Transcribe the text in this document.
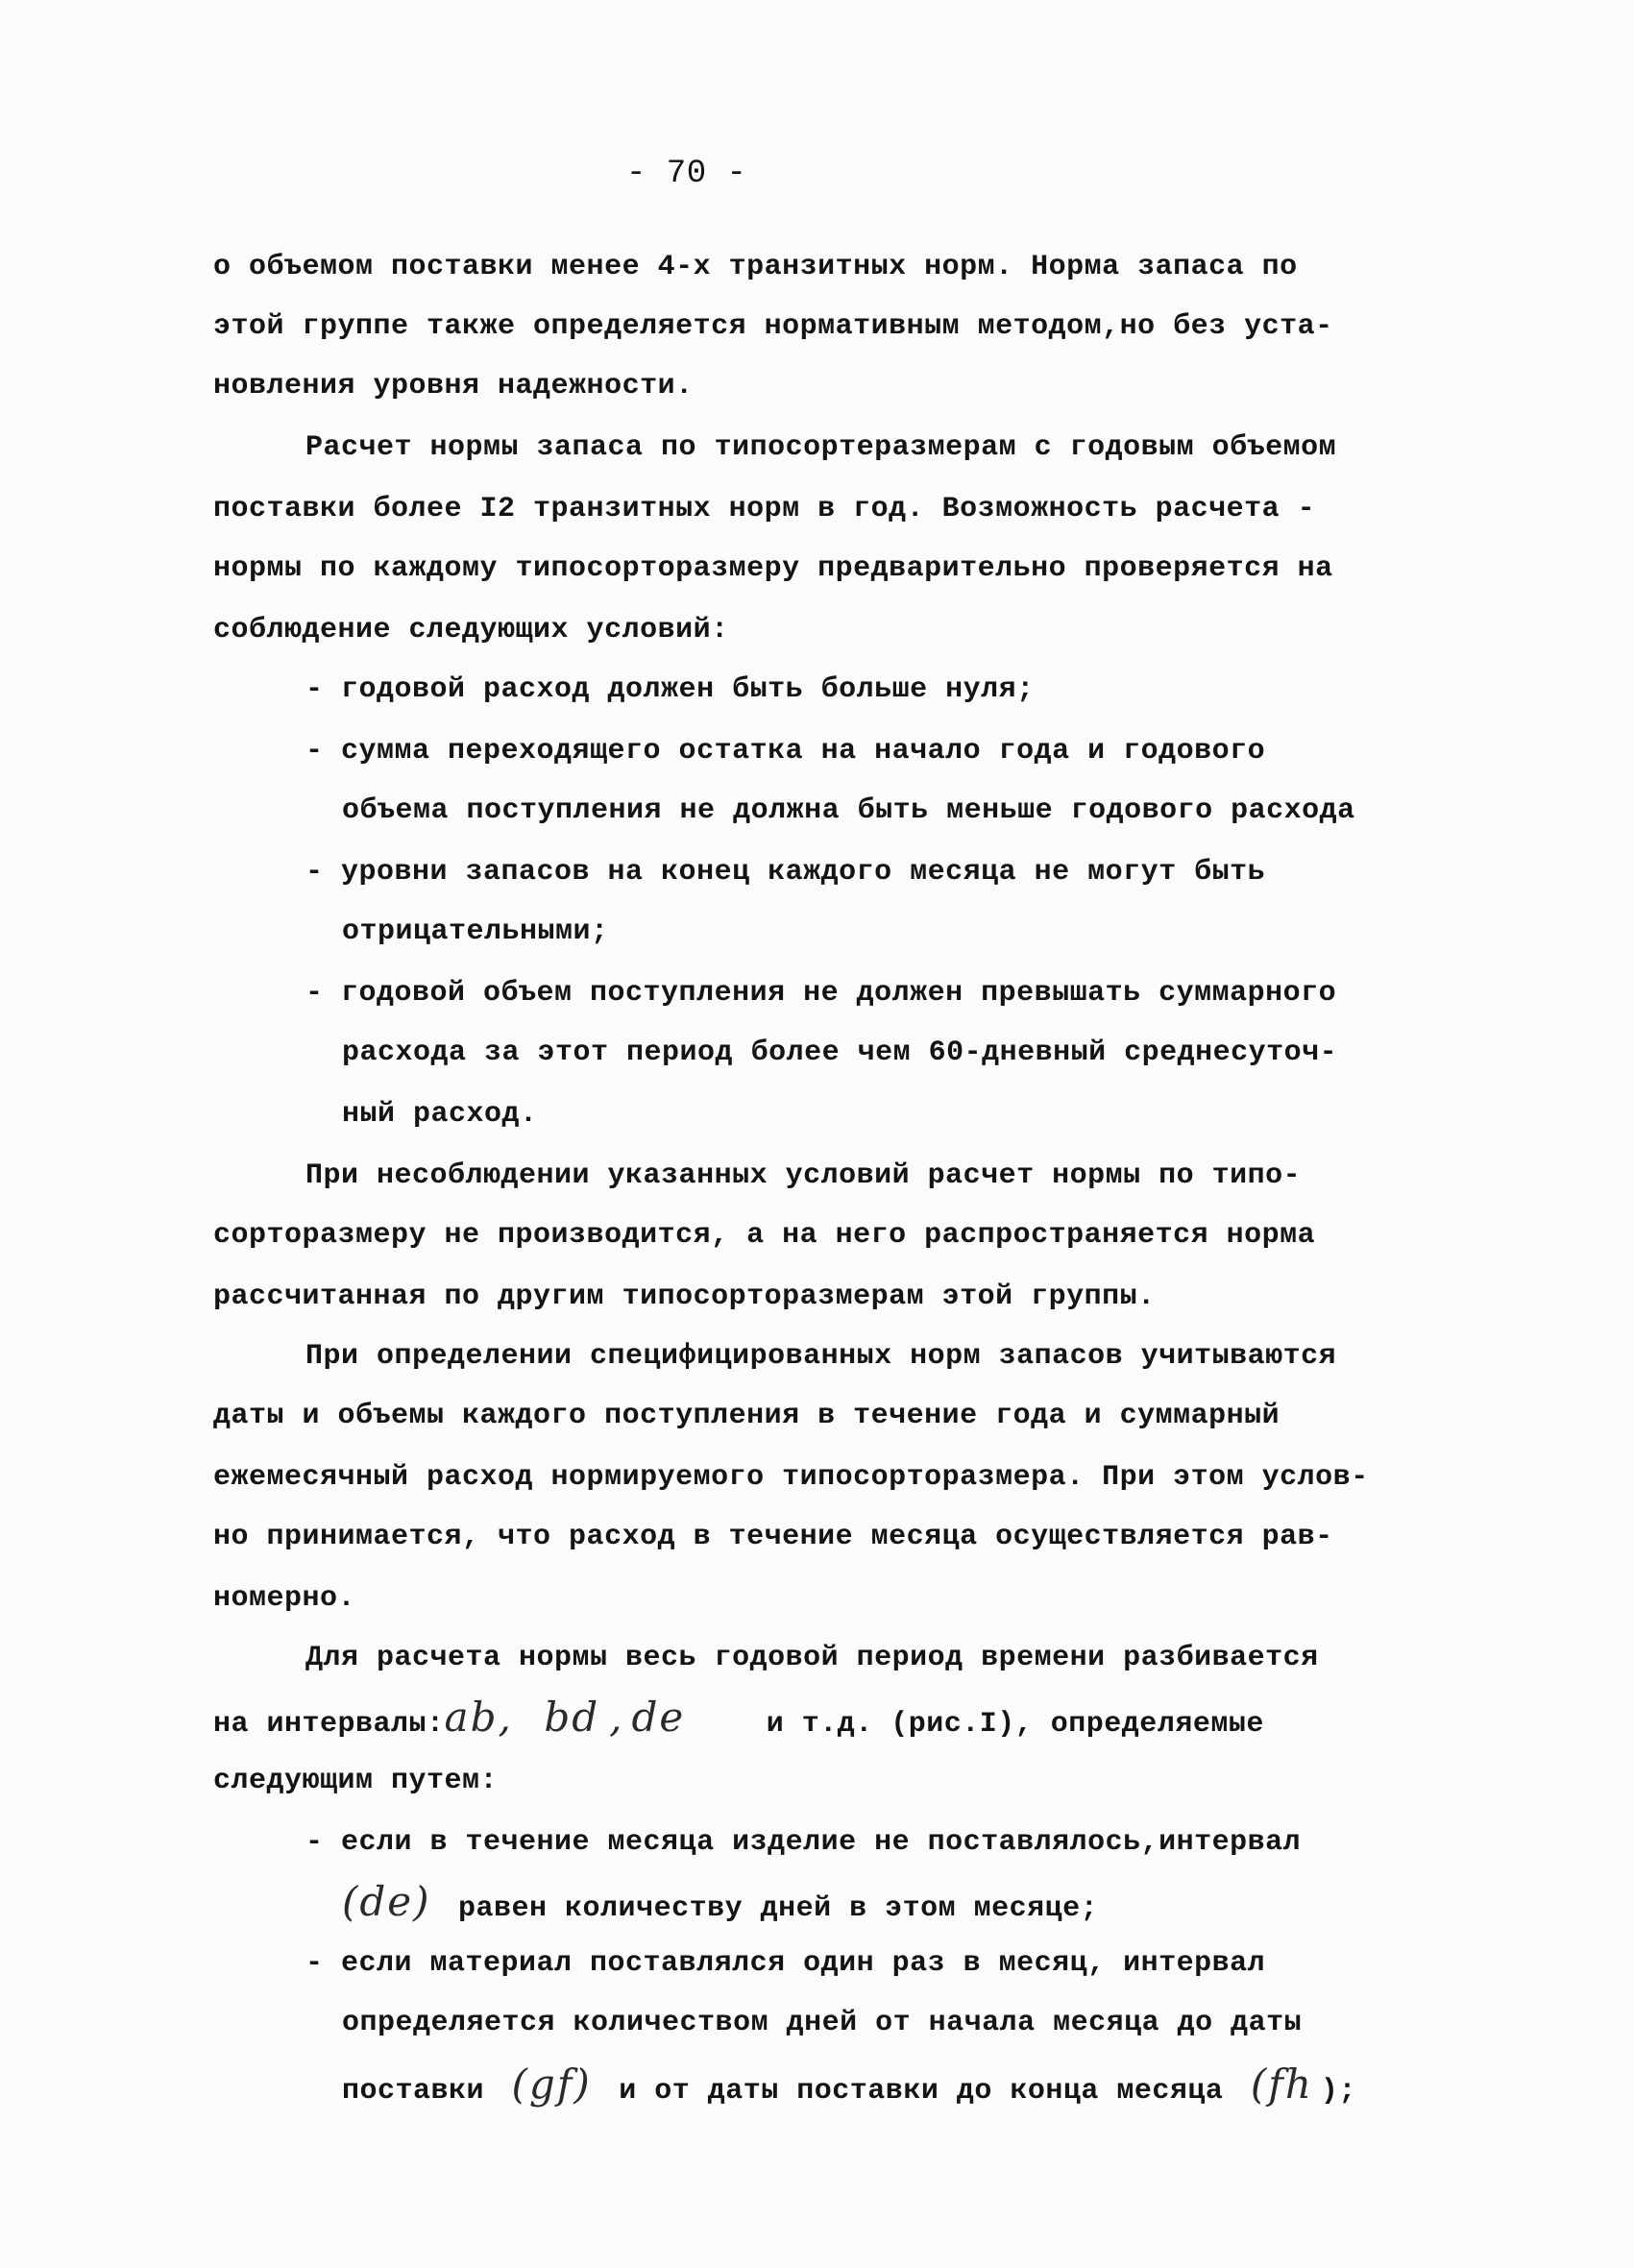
- 70 -
о объемом поставки менее 4-х транзитных норм. Норма запаса по
этой группе также определяется нормативным методом,но без уста-
новления уровня надежности.
Расчет нормы запаса по типосортеразмерам с годовым объемом
поставки более I2 транзитных норм в год. Возможность расчета -
нормы по каждому типосорторазмеру предварительно проверяется на
соблюдение следующих условий:
- годовой расход должен быть больше нуля;
- сумма переходящего остатка на начало года и годового
объема поступления не должна быть меньше годового расхода
- уровни запасов на конец каждого месяца не могут быть
отрицательными;
- годовой объем поступления не должен превышать суммарного
расхода за этот период более чем 60-дневный среднесуточ-
ный расход.
При несоблюдении указанных условий расчет нормы по типо-
сорторазмеру не производится, а на него распространяется норма
рассчитанная по другим типосорторазмерам этой группы.
При определении специфицированных норм запасов учитываются
даты и объемы каждого поступления в течение года и суммарный
ежемесячный расход нормируемого типосорторазмера. При этом услов-
но принимается, что расход в течение месяца осуществляется рав-
номерно.
Для расчета нормы весь годовой период времени разбивается
на интервалы:ab, bd , de	и т.д. (рис.I), определяемые
следующим путем:
- если в течение месяца изделие не поставлялось,интервал
(de) равен количеству дней в этом месяце;
- если материал поставлялся один раз в месяц, интервал
определяется количеством дней от начала месяца до даты
поставки (gf) и от даты поставки до конца месяца (fh );
